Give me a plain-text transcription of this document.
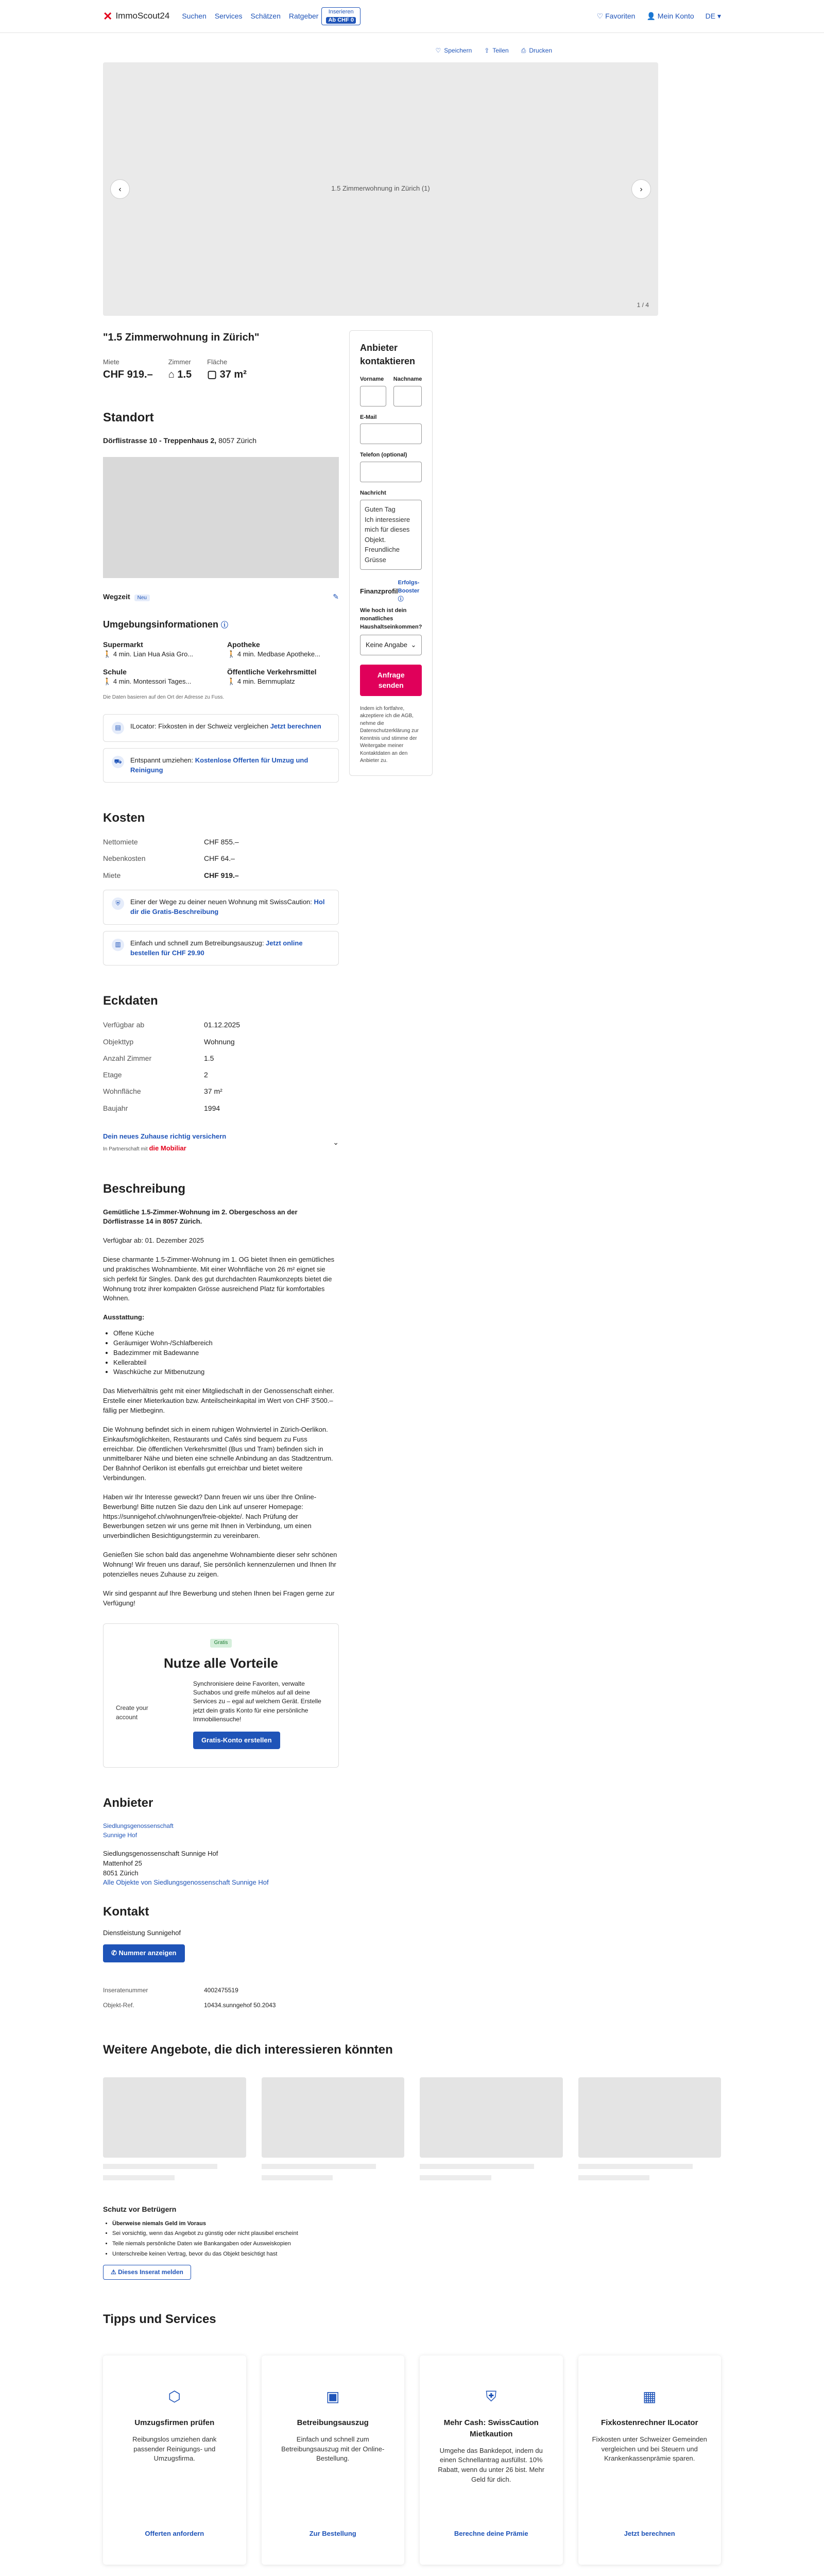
✕ ImmoScout24 Suchen Services Schätzen Ratgeber
Inserieren
Ab CHF 0	♡ Favoriten 👤 Mein Konto DE ▾
♡ Speichern ⇪ Teilen ⎙ Drucken
1.5 Zimmerwohnung in Zürich (1)
‹	›
1 / 4
"1.5 Zimmerwohnung in Zürich"
Miete
CHF 919.–
Zimmer
⌂ 1.5
Fläche
▢ 37 m²
Standort
Dörflistrasse 10 - Treppenhaus 2, 8057 Zürich
Wegzeit Neu	✎
Umgebungsinformationen ⓘ
Supermarkt
🚶 4 min. Lian Hua Asia Gro...
Apotheke
🚶 4 min. Medbase Apotheke...
Schule
🚶 4 min. Montessori Tages...
Öffentliche Verkehrsmittel
🚶 4 min. Bernmuplatz
Die Daten basieren auf den Ort der Adresse zu Fuss.
▤	ILocator: Fixkosten in der Schweiz vergleichen Jetzt berechnen
⛟	Entspannt umziehen: Kostenlose Offerten für Umzug und Reinigung
Kosten
Nettomiete	CHF 855.–
Nebenkosten	CHF 64.–
Miete	CHF 919.–
⛨	Einer der Wege zu deiner neuen Wohnung mit SwissCaution: Hol dir die Gratis-Beschreibung
▥	Einfach und schnell zum Betreibungsauszug: Jetzt online bestellen für CHF 29.90
Eckdaten
Verfügbar ab	01.12.2025
Objekttyp	Wohnung
Anzahl Zimmer	1.5
Etage	2
Wohnfläche	37 m²
Baujahr	1994
Dein neues Zuhause richtig versichern
In Partnerschaft mit die Mobiliar
⌄
Beschreibung

Gemütliche 1.5-Zimmer-Wohnung im 2. Obergeschoss an der Dörflistrasse 14 in 8057 Zürich.

Verfügbar ab: 01. Dezember 2025

Diese charmante 1.5-Zimmer-Wohnung im 1. OG bietet Ihnen ein gemütliches und praktisches Wohnambiente. Mit einer Wohnfläche von 26 m² eignet sie sich perfekt für Singles. Dank des gut durchdachten Raumkonzepts bietet die Wohnung trotz ihrer kompakten Grösse ausreichend Platz für komfortables Wohnen.

Ausstattung:

• Offene Küche
• Geräumiger Wohn-/Schlafbereich
• Badezimmer mit Badewanne
• Kellerabteil
• Waschküche zur Mitbenutzung

Das Mietverhältnis geht mit einer Mitgliedschaft in der Genossenschaft einher. Erstelle einer Mieterkaution bzw. Anteilscheinkapital im Wert von CHF 3'500.– fällig per Mietbeginn.

Die Wohnung befindet sich in einem ruhigen Wohnviertel in Zürich-Oerlikon. Einkaufsmöglichkeiten, Restaurants und Cafés sind bequem zu Fuss erreichbar. Die öffentlichen Verkehrsmittel (Bus und Tram) befinden sich in unmittelbarer Nähe und bieten eine schnelle Anbindung an das Stadtzentrum. Der Bahnhof Oerlikon ist ebenfalls gut erreichbar und bietet weitere Verbindungen.

Haben wir Ihr Interesse geweckt? Dann freuen wir uns über Ihre Online-Bewerbung! Bitte nutzen Sie dazu den Link auf unserer Homepage: https://sunnigehof.ch/wohnungen/freie-objekte/. Nach Prüfung der Bewerbungen setzen wir uns gerne mit Ihnen in Verbindung, um einen unverbindlichen Besichtigungstermin zu vereinbaren.

Genießen Sie schon bald das angenehme Wohnambiente dieser sehr schönen Wohnung! Wir freuen uns darauf, Sie persönlich kennenzulernen und Ihnen Ihr potenzielles neues Zuhause zu zeigen.

Wir sind gespannt auf Ihre Bewerbung und stehen Ihnen bei Fragen gerne zur Verfügung!

Gratis
Nutze alle Vorteile
Create your account

Synchronisiere deine Favoriten, verwalte Suchabos und greife mühelos auf all deine Services zu – egal auf welchem Gerät. Erstelle jetzt dein gratis Konto für eine persönliche Immobiliensuche!

Gratis-Konto erstellen
Anbieter
Siedlungsgenossenschaft Sunnige Hof
Siedlungsgenossenschaft Sunnige Hof
Mattenhof 25
8051 Zürich
Alle Objekte von Siedlungsgenossenschaft Sunnige Hof
Kontakt
Dienstleistung Sunnigehof
✆ Nummer anzeigen
Inseratenummer	4002475519
Objekt-Ref.	10434.sunngehof 50.2043
Anbieter kontaktieren
Vorname	Nachname
E-Mail
Telefon (optional)
Nachricht
Guten Tag
Ich interessiere mich für dieses Objekt.
Freundliche Grüsse
Finanzprofil
Erfolgs-Booster ⓘ
Wie hoch ist dein monatliches Haushaltseinkommen?
Keine Angabe ⌄
Anfrage senden
Indem ich fortfahre, akzeptiere ich die AGB, nehme die Datenschutzerklärung zur Kenntnis und stimme der Weitergabe meiner Kontaktdaten an den Anbieter zu.
Weitere Angebote, die dich interessieren könnten
Schutz vor Betrügern
• Überweise niemals Geld im Voraus
• Sei vorsichtig, wenn das Angebot zu günstig oder nicht plausibel erscheint
• Teile niemals persönliche Daten wie Bankangaben oder Ausweiskopien
• Unterschreibe keinen Vertrag, bevor du das Objekt besichtigt hast
⚠ Dieses Inserat melden
Tipps und Services
⬡
Umzugsfirmen prüfen

Reibungslos umziehen dank passender Reinigungs- und Umzugsfirma.

Offerten anfordern
▣
Betreibungsauszug

Einfach und schnell zum Betreibungsauszug mit der Online-Bestellung.

Zur Bestellung
⛨
Mehr Cash: SwissCaution Mietkaution

Umgehe das Bankdepot, indem du einen Schnellantrag ausfüllst. 10% Rabatt, wenn du unter 26 bist. Mehr Geld für dich.

Berechne deine Prämie
▦
Fixkostenrechner ILocator

Fixkosten unter Schweizer Gemeinden vergleichen und bei Steuern und Krankenkassenprämie sparen.

Jetzt berechnen
